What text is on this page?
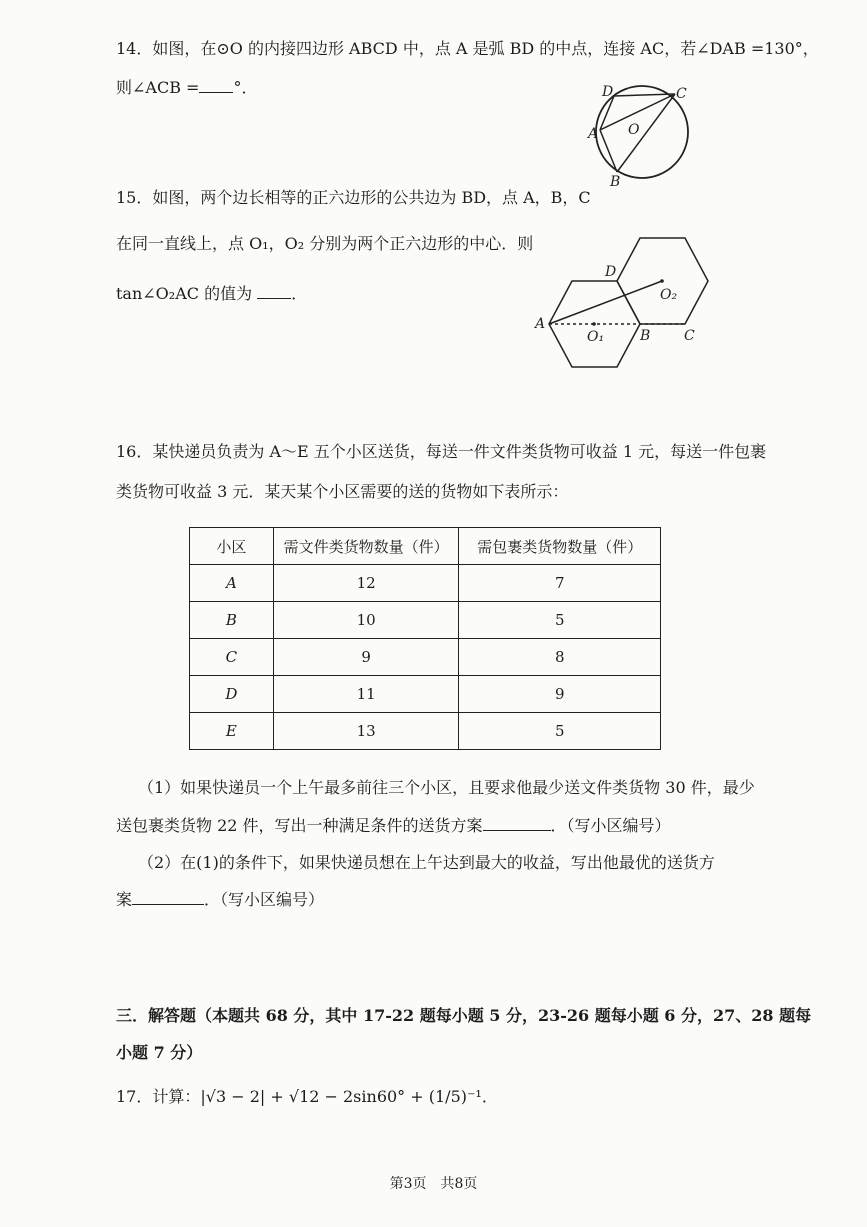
14．如图，在⊙O 的内接四边形 ABCD 中，点 A 是弧 BD 的中点，连接 AC，若∠DAB =130°，
则∠ACB = °．	D	C
A O
B
15．如图，两个边长相等的正六边形的公共边为 BD，点 A，B，C
在同一直线上，点 O₁，O₂ 分别为两个正六边形的中心．则
tan∠O₂AC 的值为 ．
A
D
B C
O₁
O₂
16．某快递员负责为 A～E 五个小区送货，每送一件文件类货物可收益 1 元，每送一件包裹
类货物可收益 3 元．某天某个小区需要的送的货物如下表所示：
小区	需文件类货物数量（件）	需包裹类货物数量（件）
A	12	7
B	10	5
C	9	8
D	11	9
E	13	5
（1）如果快递员一个上午最多前往三个小区，且要求他最少送文件类货物 30 件，最少
送包裹类货物 22 件，写出一种满足条件的送货方案	．（写小区编号）
（2）在(1)的条件下，如果快递员想在上午达到最大的收益，写出他最优的送货方
案	．（写小区编号）
三．解答题（本题共 68 分，其中 17-22 题每小题 5 分，23-26 题每小题 6 分，27、28 题每
小题 7 分）
17．计算：|√3 − 2| + √12 − 2sin60° + (1/5)⁻¹．
第3页　共8页
